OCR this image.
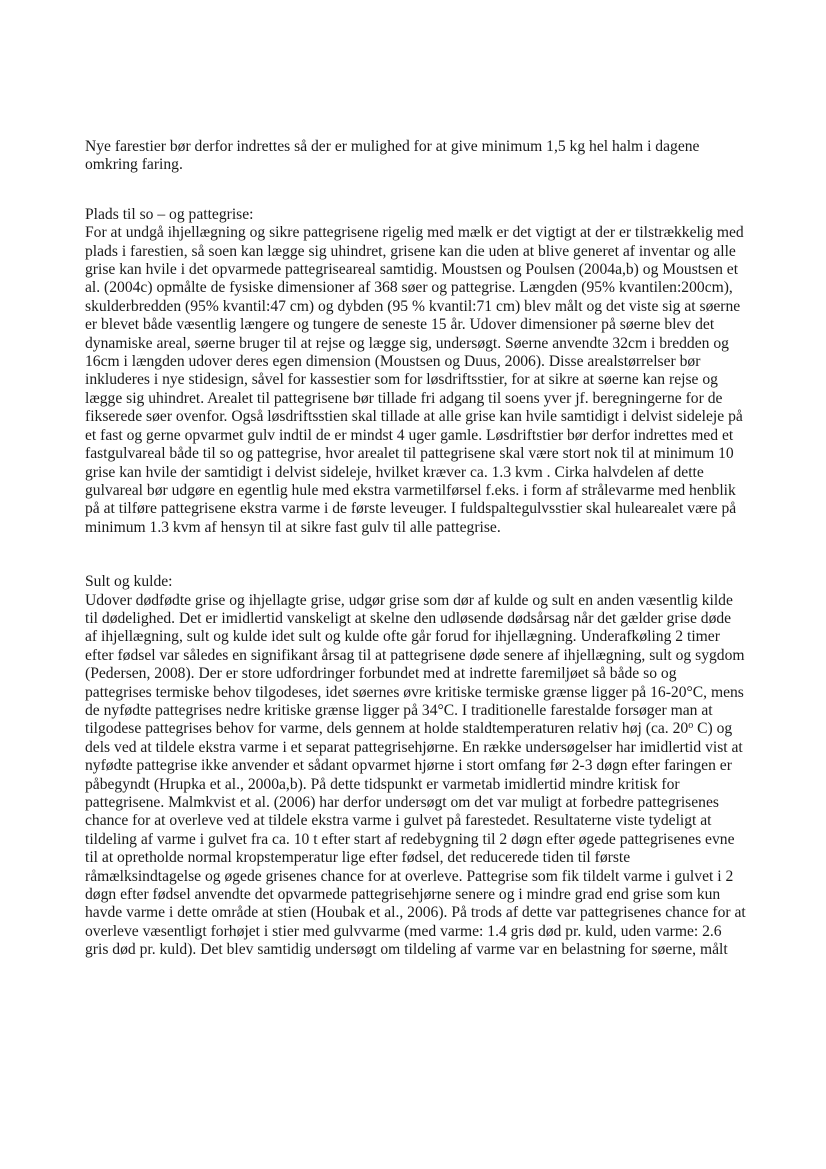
Nye farestier bør derfor indrettes så der er mulighed for at give minimum 1,5 kg hel halm i dagene omkring faring.

Plads til so – og pattegrise:

For at undgå ihjellægning og sikre pattegrisene rigelig med mælk er det vigtigt at der er tilstrækkelig med plads i farestien, så soen kan lægge sig uhindret, grisene kan die uden at blive generet af inventar og alle grise kan hvile i det opvarmede pattegriseareal samtidig. Moustsen og Poulsen (2004a,b) og Moustsen et al. (2004c) opmålte de fysiske dimensioner af 368 søer og pattegrise. Længden (95% kvantilen:200cm), skulderbredden (95% kvantil:47 cm) og dybden (95 % kvantil:71 cm) blev målt og det viste sig at søerne er blevet både væsentlig længere og tungere de seneste 15 år. Udover dimensioner på søerne blev det dynamiske areal, søerne bruger til at rejse og lægge sig, undersøgt. Søerne anvendte 32cm i bredden og 16cm i længden udover deres egen dimension (Moustsen og Duus, 2006). Disse arealstørrelser bør inkluderes i nye stidesign, såvel for kassestier som for løsdriftsstier, for at sikre at søerne kan rejse og lægge sig uhindret. Arealet til pattegrisene bør tillade fri adgang til soens yver jf. beregningerne for de fikserede søer ovenfor. Også løsdriftsstien skal tillade at alle grise kan hvile samtidigt i delvist sideleje på et fast og gerne opvarmet gulv indtil de er mindst 4 uger gamle. Løsdriftstier bør derfor indrettes med et fastgulvareal både til so og pattegrise, hvor arealet til pattegrisene skal være stort nok til at minimum 10 grise kan hvile der samtidigt i delvist sideleje, hvilket kræver ca. 1.3 kvm . Cirka halvdelen af dette gulvareal bør udgøre en egentlig hule med ekstra varmetilførsel f.eks. i form af strålevarme med henblik på at tilføre pattegrisene ekstra varme i de første leveuger. I fuldspaltegulvsstier skal hulearealet være på minimum 1.3 kvm af hensyn til at sikre fast gulv til alle pattegrise.

Sult og kulde:

Udover dødfødte grise og ihjellagte grise, udgør grise som dør af kulde og sult en anden væsentlig kilde til dødelighed. Det er imidlertid vanskeligt at skelne den udløsende dødsårsag når det gælder grise døde af ihjellægning, sult og kulde idet sult og kulde ofte går forud for ihjellægning. Underafkøling 2 timer efter fødsel var således en signifikant årsag til at pattegrisene døde senere af ihjellægning, sult og sygdom (Pedersen, 2008). Der er store udfordringer forbundet med at indrette faremiljøet så både so og pattegrises termiske behov tilgodeses, idet søernes øvre kritiske termiske grænse ligger på 16-20°C, mens de nyfødte pattegrises nedre kritiske grænse ligger på 34°C. I traditionelle farestalde forsøger man at tilgodese pattegrises behov for varme, dels gennem at holde staldtemperaturen relativ høj (ca. 20$^o$ C) og dels ved at tildele ekstra varme i et separat pattegrisehjørne. En række undersøgelser har imidlertid vist at nyfødte pattegrise ikke anvender et sådant opvarmet hjørne i stort omfang før 2-3 døgn efter faringen er påbegyndt (Hrupka et al., 2000a,b). På dette tidspunkt er varmetab imidlertid mindre kritisk for pattegrisene. Malmkvist et al. (2006) har derfor undersøgt om det var muligt at forbedre pattegrisenes chance for at overleve ved at tildele ekstra varme i gulvet på farestedet. Resultaterne viste tydeligt at tildeling af varme i gulvet fra ca. 10 t efter start af redebygning til 2 døgn efter øgede pattegrisenes evne til at opretholde normal kropstemperatur lige efter fødsel, det reducerede tiden til første råmælksindtagelse og øgede grisenes chance for at overleve. Pattegrise som fik tildelt varme i gulvet i 2 døgn efter fødsel anvendte det opvarmede pattegrisehjørne senere og i mindre grad end grise som kun havde varme i dette område at stien (Houbak et al., 2006). På trods af dette var pattegrisenes chance for at overleve væsentligt forhøjet i stier med gulvvarme (med varme: 1.4 gris død pr. kuld, uden varme: 2.6 gris død pr. kuld). Det blev samtidig undersøgt om tildeling af varme var en belastning for søerne, målt
